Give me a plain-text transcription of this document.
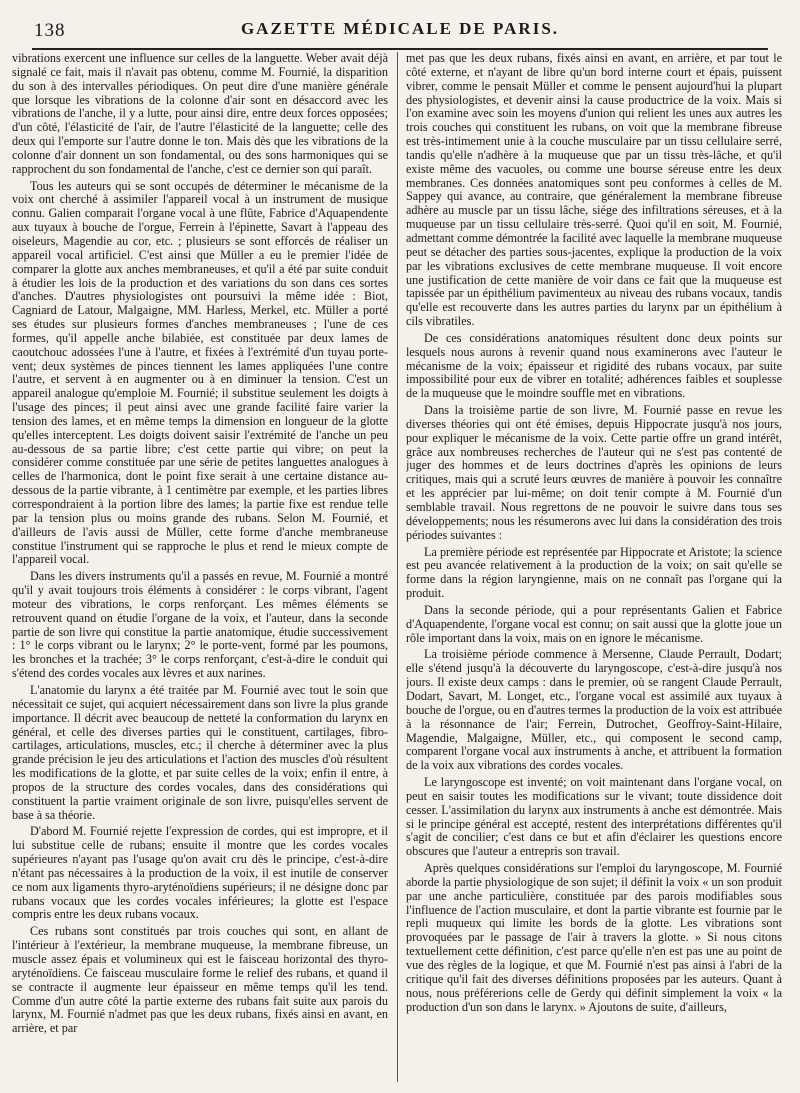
138	GAZETTE MÉDICALE DE PARIS.

vibrations exercent une influence sur celles de la languette. Weber avait déjà signalé ce fait, mais il n'avait pas obtenu, comme M. Fournié, la disparition du son à des intervalles périodiques. On peut dire d'une manière générale que lorsque les vibrations de la colonne d'air sont en désaccord avec les vibrations de l'anche, il y a lutte, pour ainsi dire, entre deux forces opposées; d'un côté, l'élasticité de l'air, de l'autre l'élasticité de la languette; celle des deux qui l'emporte sur l'autre donne le ton. Mais dès que les vibrations de la colonne d'air donnent un son fondamental, ou des sons harmoniques qui se rapprochent du son fondamental de l'anche, c'est ce dernier son qui paraît.

Tous les auteurs qui se sont occupés de déterminer le mécanisme de la voix ont cherché à assimiler l'appareil vocal à un instrument de musique connu. Galien comparait l'organe vocal à une flûte, Fabrice d'Aquapendente aux tuyaux à bouche de l'orgue, Ferrein à l'épinette, Savart à l'appeau des oiseleurs, Magendie au cor, etc. ; plusieurs se sont efforcés de réaliser un appareil vocal artificiel. C'est ainsi que Müller a eu le premier l'idée de comparer la glotte aux anches membraneuses, et qu'il a été par suite conduit à étudier les lois de la production et des variations du son dans ces sortes d'anches. D'autres physiologistes ont poursuivi la même idée : Biot, Cagniard de Latour, Malgaigne, MM. Harless, Merkel, etc. Müller a porté ses études sur plusieurs formes d'anches membraneuses ; l'une de ces formes, qu'il appelle anche bilabiée, est constituée par deux lames de caoutchouc adossées l'une à l'autre, et fixées à l'extrémité d'un tuyau porte-vent; deux systèmes de pinces tiennent les lames appliquées l'une contre l'autre, et servent à en augmenter ou à en diminuer la tension. C'est un appareil analogue qu'emploie M. Fournié; il substitue seulement les doigts à l'usage des pinces; il peut ainsi avec une grande facilité faire varier la tension des lames, et en même temps la dimension en longueur de la glotte qu'elles interceptent. Les doigts doivent saisir l'extrémité de l'anche un peu au-dessous de sa partie libre; c'est cette partie qui vibre; on peut la considérer comme constituée par une série de petites languettes analogues à celles de l'harmonica, dont le point fixe serait à une certaine distance au-dessous de la partie vibrante, à 1 centimètre par exemple, et les parties libres correspondraient à la portion libre des lames; la partie fixe est rendue telle par la tension plus ou moins grande des rubans. Selon M. Fournié, et d'ailleurs de l'avis aussi de Müller, cette forme d'anche membraneuse constitue l'instrument qui se rapproche le plus et rend le mieux compte de l'appareil vocal.

Dans les divers instruments qu'il a passés en revue, M. Fournié a montré qu'il y avait toujours trois éléments à considérer : le corps vibrant, l'agent moteur des vibrations, le corps renforçant. Les mêmes éléments se retrouvent quand on étudie l'organe de la voix, et l'auteur, dans la seconde partie de son livre qui constitue la partie anatomique, étudie successivement : 1° le corps vibrant ou le larynx; 2° le porte-vent, formé par les poumons, les bronches et la trachée; 3° le corps renforçant, c'est-à-dire le conduit qui s'étend des cordes vocales aux lèvres et aux narines.

L'anatomie du larynx a été traitée par M. Fournié avec tout le soin que nécessitait ce sujet, qui acquiert nécessairement dans son livre la plus grande importance. Il décrit avec beaucoup de netteté la conformation du larynx en général, et celle des diverses parties qui le constituent, cartilages, fibro-cartilages, articulations, muscles, etc.; il cherche à déterminer avec la plus grande précision le jeu des articulations et l'action des muscles d'où résultent les modifications de la glotte, et par suite celles de la voix; enfin il entre, à propos de la structure des cordes vocales, dans des considérations qui constituent la partie vraiment originale de son livre, puisqu'elles servent de base à sa théorie.

D'abord M. Fournié rejette l'expression de cordes, qui est impropre, et il lui substitue celle de rubans; ensuite il montre que les cordes vocales supérieures n'ayant pas l'usage qu'on avait cru dès le principe, c'est-à-dire n'étant pas nécessaires à la production de la voix, il est inutile de conserver ce nom aux ligaments thyro-aryténoïdiens supérieurs; il ne désigne donc par rubans vocaux que les cordes vocales inférieures; la glotte est l'espace compris entre les deux rubans vocaux.

Ces rubans sont constitués par trois couches qui sont, en allant de l'intérieur à l'extérieur, la membrane muqueuse, la membrane fibreuse, un muscle assez épais et volumineux qui est le faisceau horizontal des thyro-aryténoïdiens. Ce faisceau musculaire forme le relief des rubans, et quand il se contracte il augmente leur épaisseur en même temps qu'il les tend. Comme d'un autre côté la partie externe des rubans fait suite aux parois du larynx, M. Fournié n'admet pas que les deux rubans, fixés ainsi en avant, en arrière, et par

met pas que les deux rubans, fixés ainsi en avant, en arrière, et par tout le côté externe, et n'ayant de libre qu'un bord interne court et épais, puissent vibrer, comme le pensait Müller et comme le pensent aujourd'hui la plupart des physiologistes, et devenir ainsi la cause productrice de la voix. Mais si l'on examine avec soin les moyens d'union qui relient les unes aux autres les trois couches qui constituent les rubans, on voit que la membrane fibreuse est très-intimement unie à la couche musculaire par un tissu cellulaire serré, tandis qu'elle n'adhère à la muqueuse que par un tissu très-lâche, et qu'il existe même des vacuoles, ou comme une bourse séreuse entre les deux membranes. Ces données anatomiques sont peu conformes à celles de M. Sappey qui avance, au contraire, que généralement la membrane fibreuse adhère au muscle par un tissu lâche, siége des infiltrations séreuses, et à la muqueuse par un tissu cellulaire très-serré. Quoi qu'il en soit, M. Fournié, admettant comme démontrée la facilité avec laquelle la membrane muqueuse peut se détacher des parties sous-jacentes, explique la production de la voix par les vibrations exclusives de cette membrane muqueuse. Il voit encore une justification de cette manière de voir dans ce fait que la muqueuse est tapissée par un épithélium pavimenteux au niveau des rubans vocaux, tandis qu'elle est recouverte dans les autres parties du larynx par un épithélium à cils vibratiles.

De ces considérations anatomiques résultent donc deux points sur lesquels nous aurons à revenir quand nous examinerons avec l'auteur le mécanisme de la voix; épaisseur et rigidité des rubans vocaux, par suite impossibilité pour eux de vibrer en totalité; adhérences faibles et souplesse de la muqueuse que le moindre souffle met en vibrations.

Dans la troisième partie de son livre, M. Fournié passe en revue les diverses théories qui ont été émises, depuis Hippocrate jusqu'à nos jours, pour expliquer le mécanisme de la voix. Cette partie offre un grand intérêt, grâce aux nombreuses recherches de l'auteur qui ne s'est pas contenté de juger des hommes et de leurs doctrines d'après les opinions de leurs critiques, mais qui a scruté leurs œuvres de manière à pouvoir les connaître et les apprécier par lui-même; on doit tenir compte à M. Fournié d'un semblable travail. Nous regrettons de ne pouvoir le suivre dans tous ses développements; nous les résumerons avec lui dans la considération des trois périodes suivantes :

La première période est représentée par Hippocrate et Aristote; la science est peu avancée relativement à la production de la voix; on sait qu'elle se forme dans la région laryngienne, mais on ne connaît pas l'organe qui la produit.

Dans la seconde période, qui a pour représentants Galien et Fabrice d'Aquapendente, l'organe vocal est connu; on sait aussi que la glotte joue un rôle important dans la voix, mais on en ignore le mécanisme.

La troisième période commence à Mersenne, Claude Perrault, Dodart; elle s'étend jusqu'à la découverte du laryngoscope, c'est-à-dire jusqu'à nos jours. Il existe deux camps : dans le premier, où se rangent Claude Perrault, Dodart, Savart, M. Longet, etc., l'organe vocal est assimilé aux tuyaux à bouche de l'orgue, ou en d'autres termes la production de la voix est attribuée à la résonnance de l'air; Ferrein, Dutrochet, Geoffroy-Saint-Hilaire, Magendie, Malgaigne, Müller, etc., qui composent le second camp, comparent l'organe vocal aux instruments à anche, et attribuent la formation de la voix aux vibrations des cordes vocales.

Le laryngoscope est inventé; on voit maintenant dans l'organe vocal, on peut en saisir toutes les modifications sur le vivant; toute dissidence doit cesser. L'assimilation du larynx aux instruments à anche est démontrée. Mais si le principe général est accepté, restent des interprétations différentes qu'il s'agit de concilier; c'est dans ce but et afin d'éclairer les questions encore obscures que l'auteur a entrepris son travail.

Après quelques considérations sur l'emploi du laryngoscope, M. Fournié aborde la partie physiologique de son sujet; il définit la voix « un son produit par une anche particulière, constituée par des parois modifiables sous l'influence de l'action musculaire, et dont la partie vibrante est fournie par le repli muqueux qui limite les bords de la glotte. Les vibrations sont provoquées par le passage de l'air à travers la glotte. » Si nous citons textuellement cette définition, c'est parce qu'elle n'en est pas une au point de vue des règles de la logique, et que M. Fournié n'est pas ainsi à l'abri de la critique qu'il fait des diverses définitions proposées par les auteurs. Quant à nous, nous préférerions celle de Gerdy qui définit simplement la voix « la production d'un son dans le larynx. » Ajoutons de suite, d'ailleurs,
